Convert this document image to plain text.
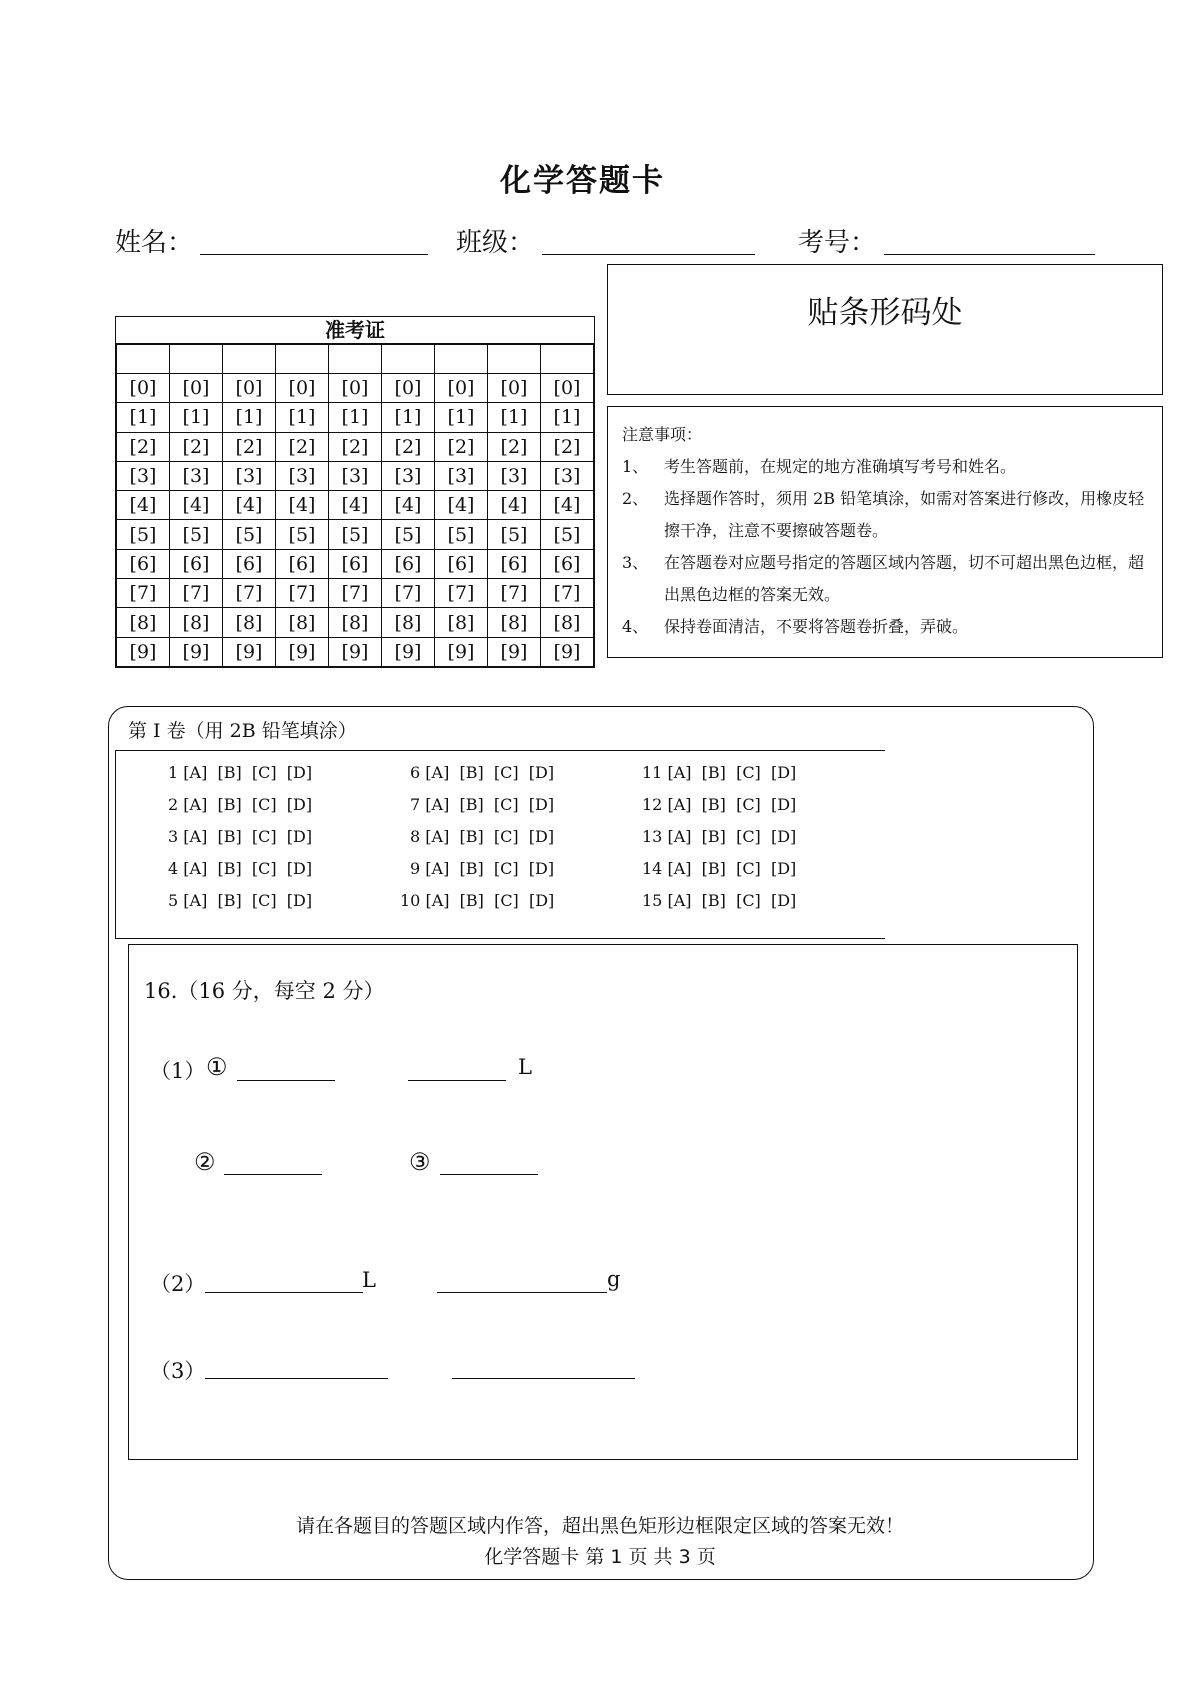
化学答题卡
姓名：	班级：	考号：
贴条形码处
准考证

[0]	[0]	[0]	[0]	[0]	[0]	[0]	[0]	[0]
[1]	[1]	[1]	[1]	[1]	[1]	[1]	[1]	[1]
[2]	[2]	[2]	[2]	[2]	[2]	[2]	[2]	[2]
[3]	[3]	[3]	[3]	[3]	[3]	[3]	[3]	[3]
[4]	[4]	[4]	[4]	[4]	[4]	[4]	[4]	[4]
[5]	[5]	[5]	[5]	[5]	[5]	[5]	[5]	[5]
[6]	[6]	[6]	[6]	[6]	[6]	[6]	[6]	[6]
[7]	[7]	[7]	[7]	[7]	[7]	[7]	[7]	[7]
[8]	[8]	[8]	[8]	[8]	[8]	[8]	[8]	[8]
[9]	[9]	[9]	[9]	[9]	[9]	[9]	[9]	[9]
注意事项：
1、 考生答题前，在规定的地方准确填写考号和姓名。
2、 选择题作答时，须用 2B 铅笔填涂，如需对答案进行修改，用橡皮轻擦干净，注意不要擦破答题卷。
3、 在答题卷对应题号指定的答题区域内答题，切不可超出黑色边框，超出黑色边框的答案无效。
4、 保持卷面清洁，不要将答题卷折叠，弄破。
第 I 卷（用 2B 铅笔填涂）
1 [A]  [B]  [C]  [D]
2 [A]  [B]  [C]  [D]
3 [A]  [B]  [C]  [D]
4 [A]  [B]  [C]  [D]
5 [A]  [B]  [C]  [D]
6 [A]  [B]  [C]  [D]
7 [A]  [B]  [C]  [D]
8 [A]  [B]  [C]  [D]
9 [A]  [B]  [C]  [D]
10 [A]  [B]  [C]  [D]
11 [A]  [B]  [C]  [D]
12 [A]  [B]  [C]  [D]
13 [A]  [B]  [C]  [D]
14 [A]  [B]  [C]  [D]
15 [A]  [B]  [C]  [D]
16.（16 分，每空 2 分）
（1） ①	L
②	③
（2）	L	g
（3）
请在各题目的答题区域内作答，超出黑色矩形边框限定区域的答案无效！
化学答题卡 第 1 页 共 3 页
